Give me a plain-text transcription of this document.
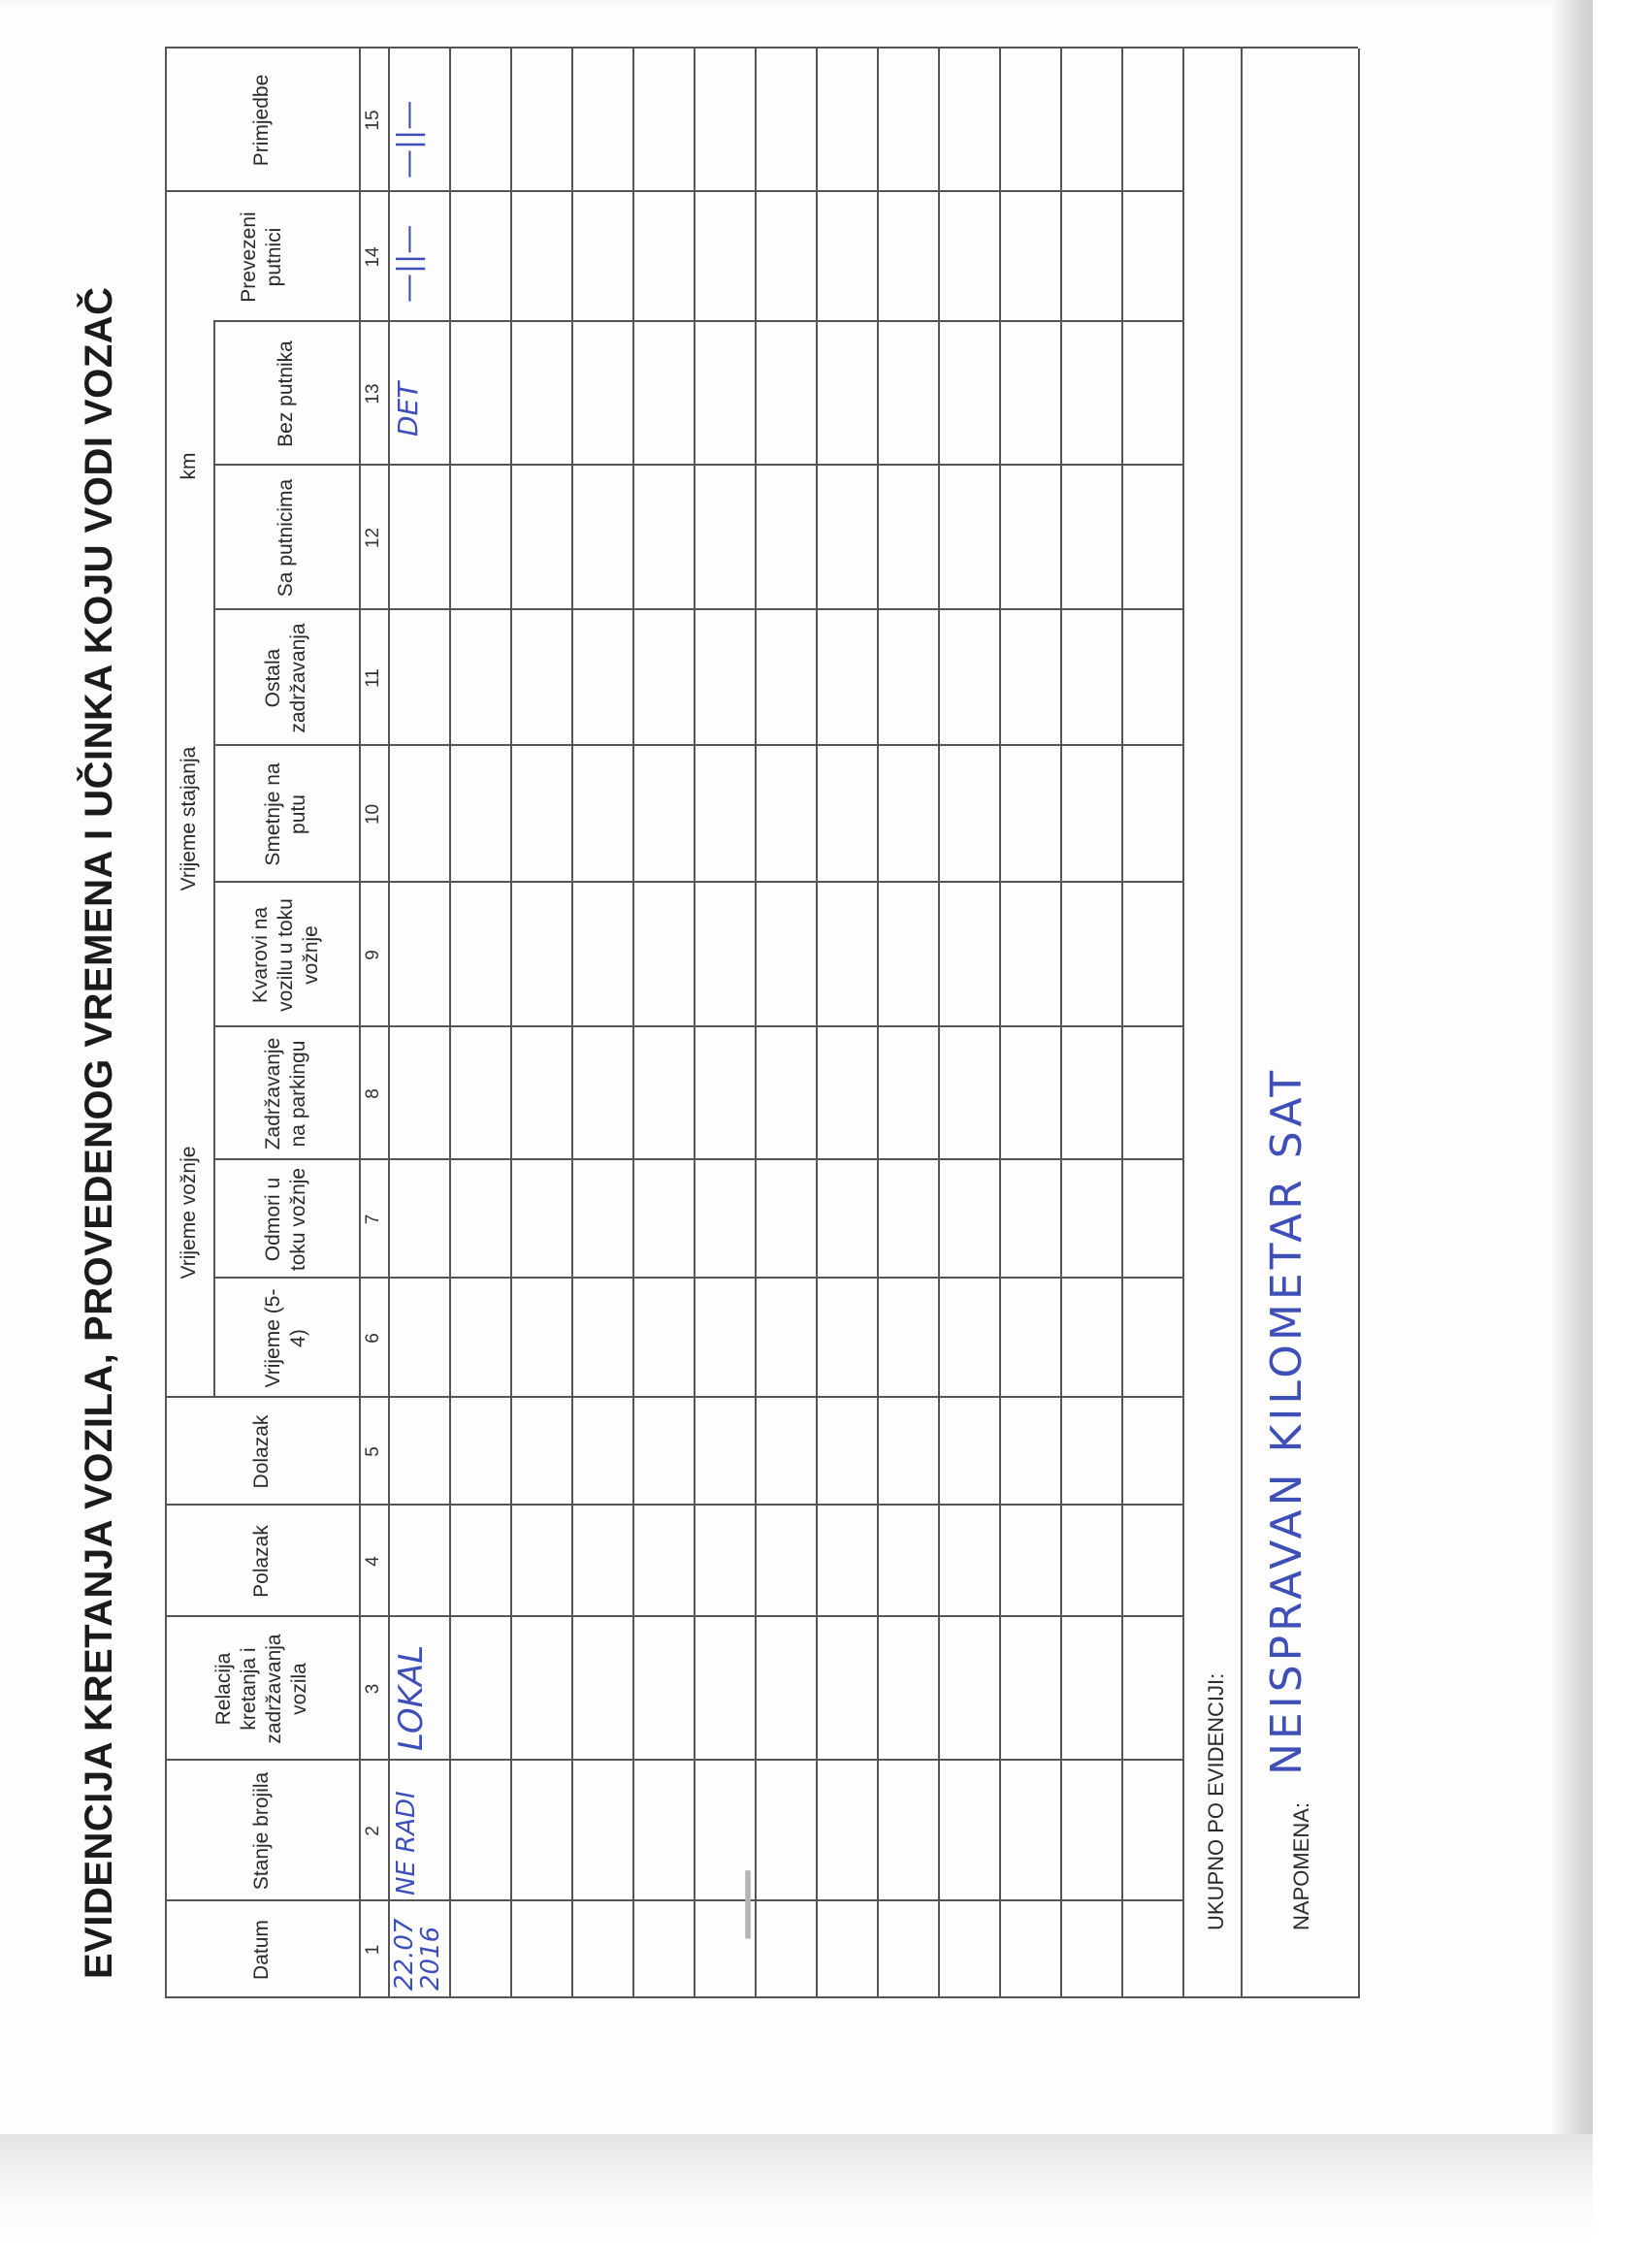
EVIDENCIJA KRETANJA VOZILA, PROVEDENOG VREMENA I UČINKA KOJU VODI VOZAČ	Datum
Stanje brojila
Relacija kretanja i zadržavanja vozila
Polazak
Dolazak
Vrijeme (5-4)
Odmori u toku vožnje
Zadržavanje na parkingu
Kvarovi na vozilu u toku vožnje
Smetnje na putu
Ostala zadržavanja
Sa putnicima
Bez putnika
Prevezeni putnici
Primjedbe
1
2
3
4
5
6
7
8
9
10
11
12
13
14
15
Vrijeme vožnje
Vrijeme stajanja
km
22.07 2016
NE RADI
LOKAL
DET
—||—
UKUPNO PO EVIDENCIJI:	NAPOMENA:
NEISPRAVAN KILOMETAR SAT
|
—||—
